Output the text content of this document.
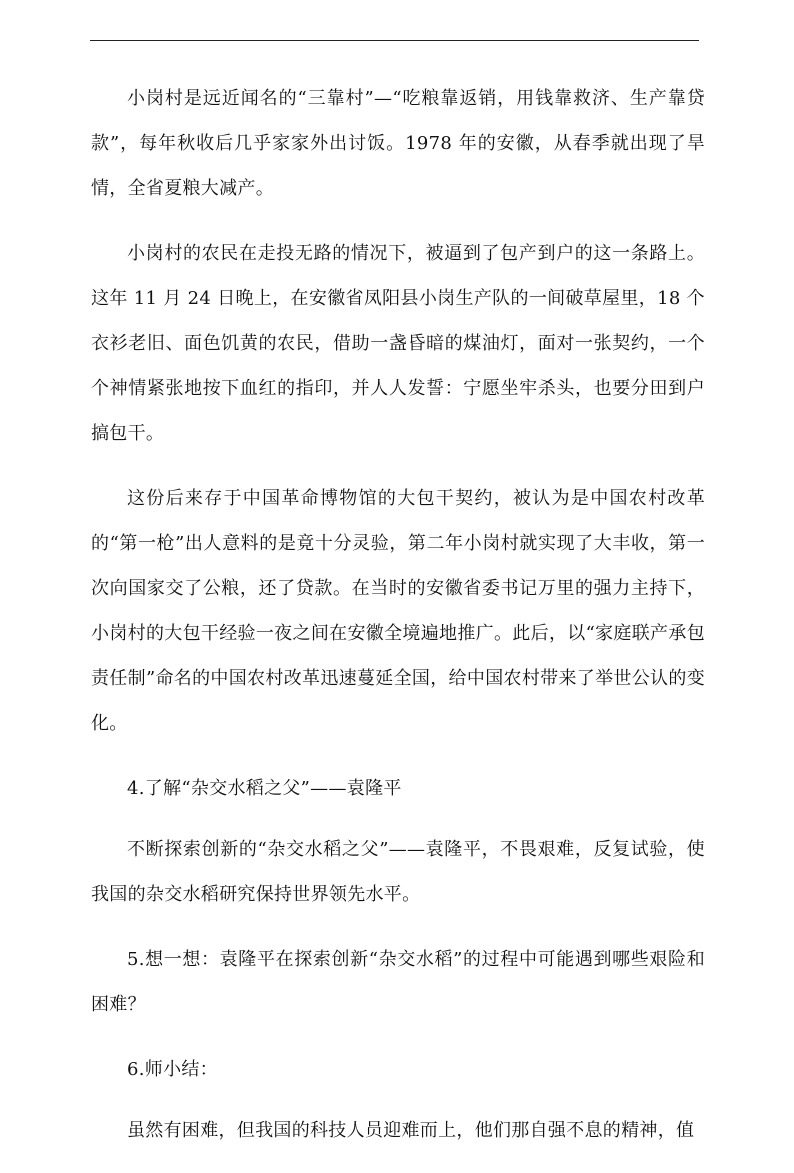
小岗村是远近闻名的“三靠村”—“吃粮靠返销，用钱靠救济、生产靠贷款”，每年秋收后几乎家家外出讨饭。1978 年的安徽，从春季就出现了旱情，全省夏粮大减产。

小岗村的农民在走投无路的情况下，被逼到了包产到户的这一条路上。这年 11 月 24 日晚上，在安徽省凤阳县小岗生产队的一间破草屋里，18 个衣衫老旧、面色饥黄的农民，借助一盏昏暗的煤油灯，面对一张契约，一个个神情紧张地按下血红的指印，并人人发誓：宁愿坐牢杀头，也要分田到户搞包干。

这份后来存于中国革命博物馆的大包干契约，被认为是中国农村改革的“第一枪”出人意料的是竟十分灵验，第二年小岗村就实现了大丰收，第一次向国家交了公粮，还了贷款。在当时的安徽省委书记万里的强力主持下，小岗村的大包干经验一夜之间在安徽全境遍地推广。此后，以“家庭联产承包责任制”命名的中国农村改革迅速蔓延全国，给中国农村带来了举世公认的变化。

4.了解“杂交水稻之父”——袁隆平

不断探索创新的“杂交水稻之父”——袁隆平，不畏艰难，反复试验，使我国的杂交水稻研究保持世界领先水平。

5.想一想：袁隆平在探索创新“杂交水稻”的过程中可能遇到哪些艰险和困难？

6.师小结：

虽然有困难，但我国的科技人员迎难而上，他们那自强不息的精神，值
